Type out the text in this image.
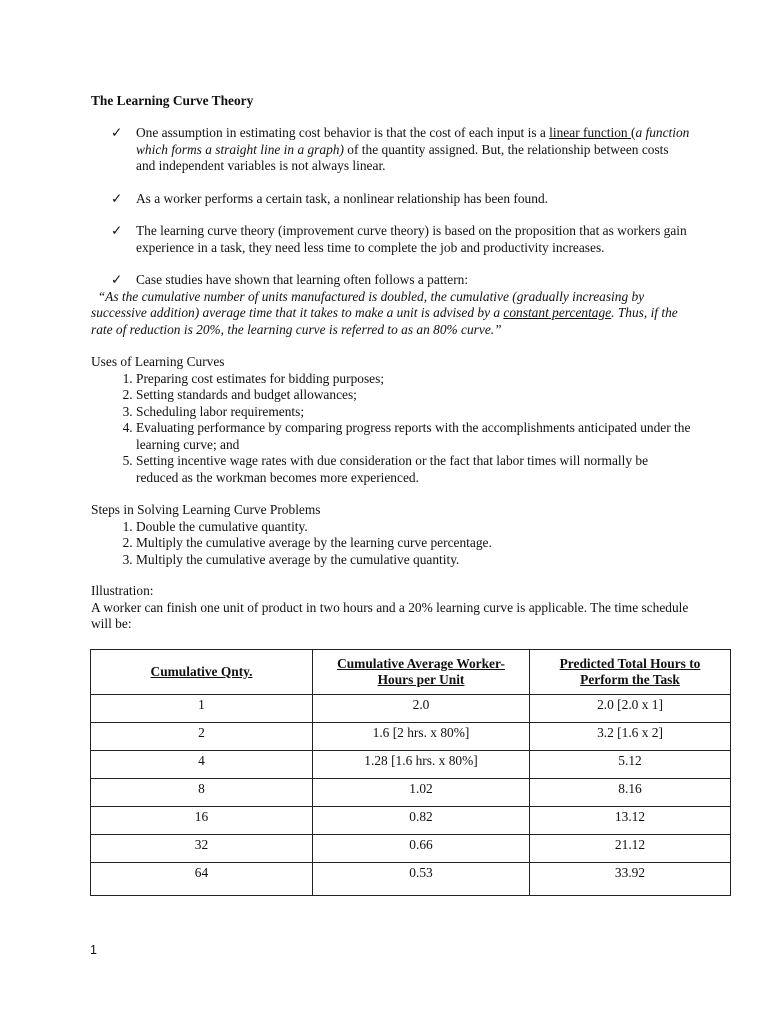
The Learning Curve Theory
✓ One assumption in estimating cost behavior is that the cost of each input is a linear function (a function which forms a straight line in a graph) of the quantity assigned. But, the relationship between costs and independent variables is not always linear.
✓ As a worker performs a certain task, a nonlinear relationship has been found.
✓ The learning curve theory (improvement curve theory) is based on the proposition that as workers gain experience in a task, they need less time to complete the job and productivity increases.
✓ Case studies have shown that learning often follows a pattern:
“As the cumulative number of units manufactured is doubled, the cumulative (gradually increasing by successive addition) average time that it takes to make a unit is advised by a constant percentage. Thus, if the rate of reduction is 20%, the learning curve is referred to as an 80% curve.”
Uses of Learning Curves
1. Preparing cost estimates for bidding purposes;
2. Setting standards and budget allowances;
3. Scheduling labor requirements;
4. Evaluating performance by comparing progress reports with the accomplishments anticipated under the learning curve; and
5. Setting incentive wage rates with due consideration or the fact that labor times will normally be reduced as the workman becomes more experienced.
Steps in Solving Learning Curve Problems
1. Double the cumulative quantity.
2. Multiply the cumulative average by the learning curve percentage.
3. Multiply the cumulative average by the cumulative quantity.
Illustration:
A worker can finish one unit of product in two hours and a 20% learning curve is applicable. The time schedule will be:
Cumulative Qnty.	Cumulative Average Worker-Hours per Unit	Predicted Total Hours to Perform the Task
1	2.0	2.0 [2.0 x 1]
2	1.6 [2 hrs. x 80%]	3.2 [1.6 x 2]
4	1.28 [1.6 hrs. x 80%]	5.12
8	1.02	8.16
16	0.82	13.12
32	0.66	21.12
64	0.53	33.92
1
